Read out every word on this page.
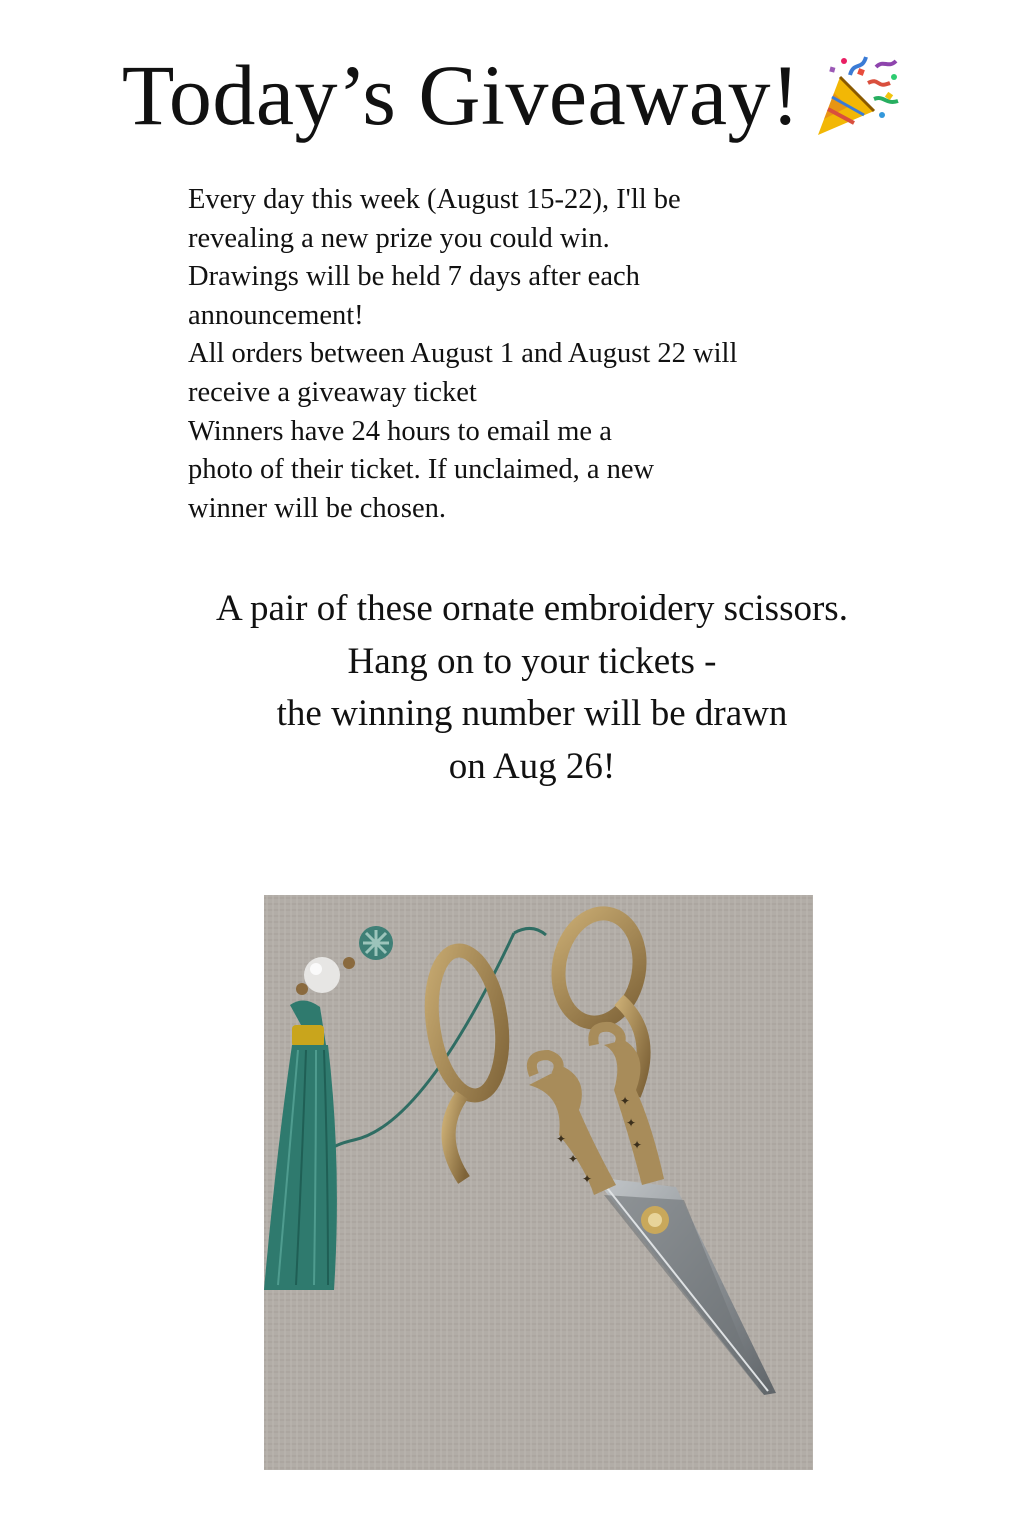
Today’s Giveaway!
Every day this week (August 15-22), I'll be
revealing a new prize you could win.
Drawings will be held 7 days after each
announcement!
All orders between August 1 and August 22 will
receive a giveaway ticket
Winners have 24 hours to email me a
photo of their ticket. If unclaimed, a new
winner will be chosen.
A pair of these ornate embroidery scissors.
Hang on to your tickets -
the winning number will be drawn
on Aug 26!
✦
✦
✦
✦
✦
✦
